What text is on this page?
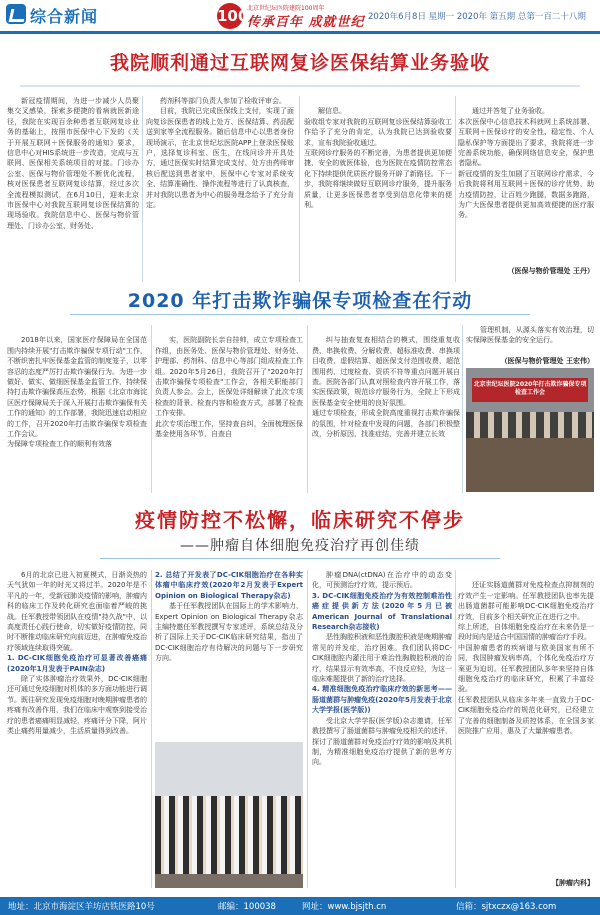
综合新闻	100
北京世纪坛医院建院100周年
传承百年 成就世纪 2020年6月8日 星期一 2020年 第五期 总第一百二十八期
我院顺利通过互联网复诊医保结算业务验收

新冠疫情期间，为进一步减少人员聚集交叉感染，探索多便捷的看病就医新途径，我院在实现百余种患者互联网复诊业务的基础上，按照市医保中心下发的《关于开展互联网＋医保服务的通知》要求，信息中心对HIS系统进一步改造，完成与互联网、医保相关系统项目的对接。门诊办公室、医保与物价管理处不断优化流程，核对医保患者互联网复诊结算，经过多次全流程模拟测试，在6月10日，迎来北京市医保中心对我院互联网复诊医保结算的现场验收。我院信息中心、医保与物价管理处、门诊办公室、财务处、

药剂科等部门负责人参加了检收评审会。

目前，我院已完成医保线上支付，实现了面向复诊医保患者的线上处方、医保结算、药品配送到家等全流程服务。随后信息中心以患者身份现场演示，在北京世纪坛医院APP上登录医保账户，选择复诊科室、医生，在线问诊并开具处方，通过医保实时结算完成支付，处方由药师审核后配送到患者家中，医保中心专家对系统安全、结算准确性、操作流程等进行了认真核查，并对我院以患者为中心的服务理念给予了充分肯定。

解信息。
验收组专家对我院的互联网复诊医保结算验收工作给予了充分的肯定，认为我院已达到验收要求，宣布我院验收通过。
互联网诊疗服务的不断完善，为患者提供更加便捷、安全的就医体验，也为医院在疫情防控常态化下持续提供优质医疗服务开辟了新路径。下一步，我院将继续做好互联网诊疗服务，提升服务质量，让更多医保患者享受到信息化带来的便利。

通过并答复了业务验收。
本次医保中心信息技术科就网上系统部署、互联网＋医保诊疗的安全性、稳定性、个人隐私保护等方面提出了要求，我院将进一步完善系统功能，确保网络信息安全，保护患者隐私。
新冠疫情的发生加剧了互联网诊疗需求，今后我院将利用互联网＋医保的诊疗优势，助力疫情防控，让百姓少跑腿，数据多跑路，为广大医保患者提供更加高效便捷的医疗服务。

（医保与物价管理处 王丹）
2020 年打击欺诈骗保专项检查在行动

2018年以来，国家医疗保障局在全国范围内持续开展"打击欺诈骗保专项行动"工作，不断织密扎牢医保基金监管的制度笼子，以零容忍的态度严厉打击欺诈骗保行为。为进一步做好、做实、做细医保基金监管工作，持续保持打击欺诈骗保高压态势，根据《北京市海淀区医疗保障局关于深入开展打击欺诈骗保有关工作的通知》的工作部署，我院迅速启动相应的工作，召开2020年打击欺诈骗保专项检查工作会议。
为保障专项检查工作的顺利有效落

实，医院副院长亲自挂帅，成立专项检查工作组，由医务处、医保与物价管理处、财务处、护理部、药剂科、信息中心等部门组成检查工作组。2020年5月26日，我院召开了"2020年打击欺诈骗保专项检查"工作会，各相关职能部门负责人参会。会上，医保处详细解读了此次专项检查的背景、检查内容和检查方式，部署了检查工作安排。
此次专项治理工作，坚持查自纠，全面梳理医保基金使用各环节，自查自

纠与抽查复查相结合的模式，围绕重复收费、串换收费、分解收费、超标准收费、串换项目收费、虚假结算、超医保支付范围收费、超范围用药、过度检查、资质不符等重点问题开展自查。医院各部门认真对照检查内容开展工作，落实医保政策，规范诊疗服务行为，全院上下形成医保基金安全使用的良好氛围。
通过专项检查，形成全院高度重视打击欺诈骗保的氛围，针对检查中发现的问题，各部门积极整改，分析原因，找准症结，完善并建立长效

管理机制，从源头落实有效治理，切实保障医保基金的安全运行。

（医保与物价管理处 王宏伟）
北京世纪坛医院2020年打击欺诈骗保专项检查工作会
疫情防控不松懈，临床研究不停步
——肿瘤自体细胞免疫治疗再创佳绩

6月的北京已进入初夏模式，日渐炎热的天气犹如一年的时光又将过半。2020年是不平凡的一年，受新冠肺炎疫情的影响，肿瘤内科的临床工作及转化研究也面临着严峻的挑战。任军教授带领团队在疫情"持久战"中，以高度责任心践行使命，切实做好疫情防控，同时不断推动临床研究向前迈进，在肿瘤免疫治疗领域连续取得突破。

1. DC-CIK细胞免疫治疗可显著改善癌痛(2020年1月发表于PAIN杂志)

除了实体肿瘤治疗效果外，DC-CIK细胞还可通过免疫细胞对机体的多方面功能进行调节。既往研究发现免疫细胞对晚期肿瘤患者的疼痛有改善作用，我们在临床中观察到接受治疗的患者癌痛明显减轻，疼痛评分下降，阿片类止痛药用量减少，生活质量得到改善。

2. 总结了开发表了DC-CIK细胞治疗在各种实体瘤中临床疗效(2020年2月发表于Expert Opinion on Biological Therapy杂志)

基于任军教授团队在国际上的学术影响力，Expert Opinion on Biological Therapy杂志主编特邀任军教授撰写专家述评，系统总结及分析了国际上关于DC-CIK临床研究结果，指出了DC-CIK细胞治疗有待解决的问题与下一步研究方向。

肿瘤DNA(ctDNA)在治疗中的动态变化，可预测治疗疗效，提示预后。

3. DC-CIK细胞免疫治疗为有效控制难治性癌症提供新方法(2020年5月已被American Journal of Translational Research杂志接收)

恶性胸腔积液和恶性腹腔积液是晚期肿瘤常见的并发症，治疗困难。我们团队将DC-CIK细胞腔内灌注用于难治性胸腹腔积液的治疗，结果显示有效率高，不良反应轻，为这一临床难题提供了新的治疗选择。

4. 精准细胞免疫治疗临床疗效的新思考——肠道菌群与肿瘤免疫(2020年5月发表于北京大学学报(医学版))

受北京大学学报(医学版)杂志邀请，任军教授撰写了肠道菌群与肿瘤免疫相关的述评，探讨了肠道菌群对免疫治疗疗效的影响及其机制，为精准细胞免疫治疗提供了新的思考方向。

还证实肠道菌群对免疫检查点抑制剂的疗效产生一定影响。任军教授团队也率先提出肠道菌群可能影响DC-CIK细胞免疫治疗疗效，目前多个相关研究正在进行之中。
综上所述，自体细胞免疫治疗在未来仍是一段时间内是适合中国国情的肿瘤治疗手段。
中国肿瘤患者的疾病谱与欧美国家有所不同，我国肿瘤发病率高，个体化免疫治疗方案更为迫切。任军教授团队多年来坚持自体细胞免疫治疗的临床研究，积累了丰富经验。
任军教授团队从临床多年来一直致力于DC-CIK细胞免疫治疗的规范化研究，已经建立了完善的细胞制备及质控体系，在全国多家医院推广应用，惠及了大量肿瘤患者。

【肿瘤内科】
地址：北京市海淀区羊坊店铁医路10号	邮编：100038	网址：www.bjsjth.cn	信箱：sjtxczx@163.com
